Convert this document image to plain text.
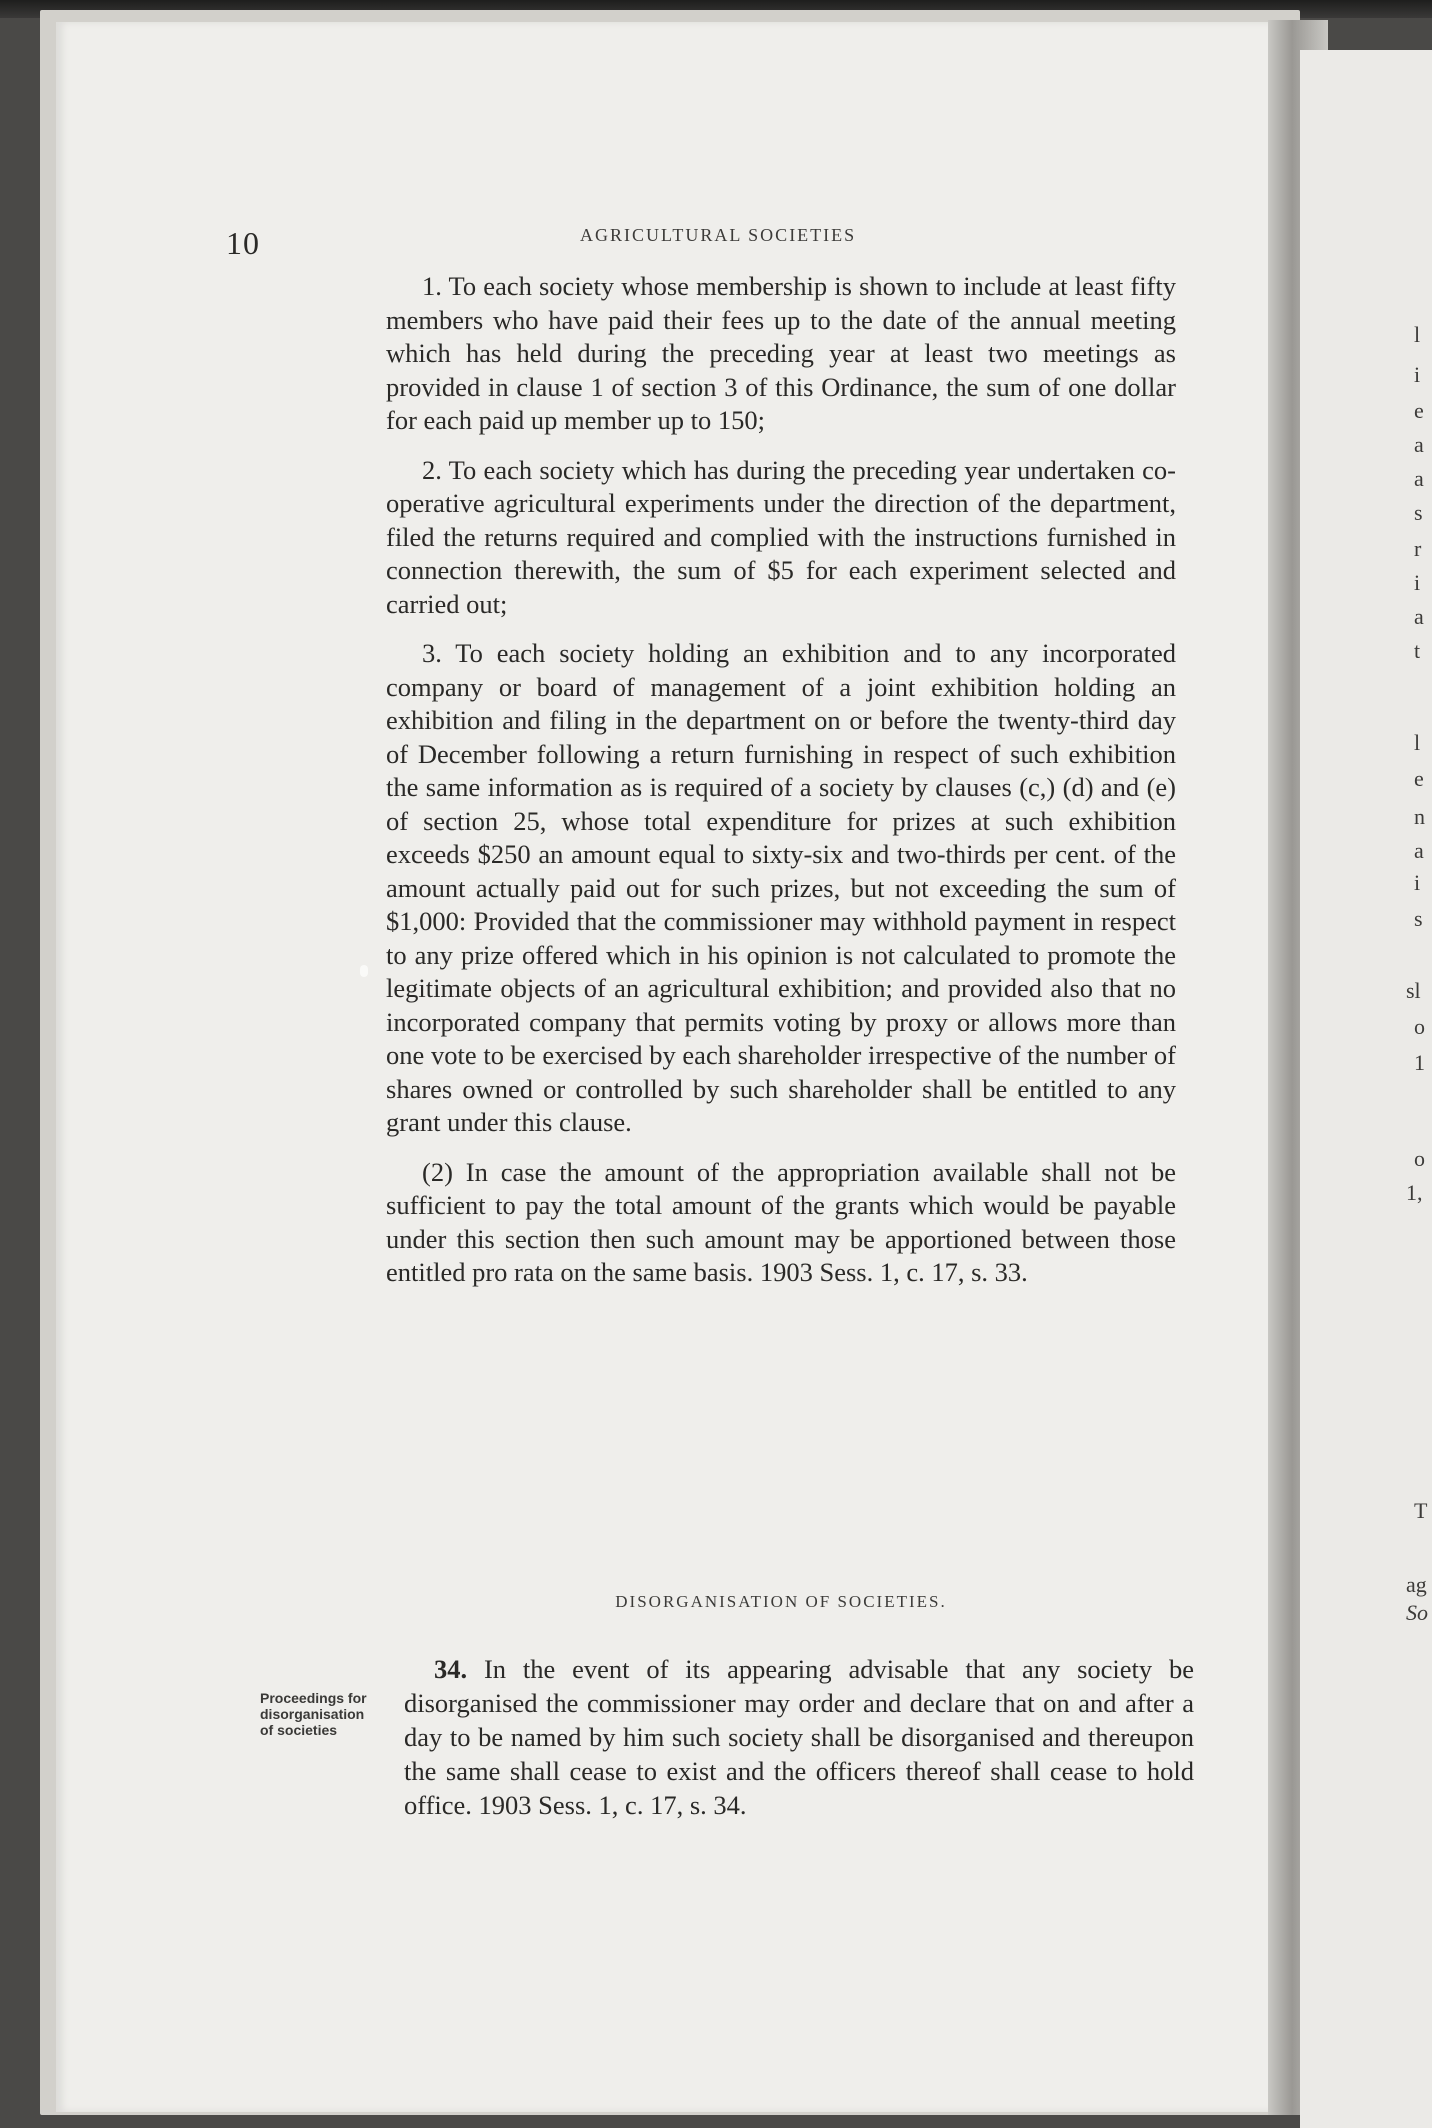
10	AGRICULTURAL SOCIETIES

1. To each society whose membership is shown to include at least fifty members who have paid their fees up to the date of the annual meeting which has held during the preceding year at least two meetings as provided in clause 1 of section 3 of this Ordinance, the sum of one dollar for each paid up member up to 150;

2. To each society which has during the preceding year undertaken co-operative agricultural experiments under the direction of the department, filed the returns required and complied with the instructions furnished in connection therewith, the sum of $5 for each experiment selected and carried out;

3. To each society holding an exhibition and to any incorporated company or board of management of a joint exhibition holding an exhibition and filing in the department on or before the twenty-third day of December following a return furnishing in respect of such exhibition the same information as is required of a society by clauses (c,) (d) and (e) of section 25, whose total expenditure for prizes at such exhibition exceeds $250 an amount equal to sixty-six and two-thirds per cent. of the amount actually paid out for such prizes, but not exceeding the sum of $1,000: Provided that the commissioner may withhold payment in respect to any prize offered which in his opinion is not calculated to promote the legitimate objects of an agricultural exhibition; and provided also that no incorporated company that permits voting by proxy or allows more than one vote to be exercised by each shareholder irrespective of the number of shares owned or controlled by such shareholder shall be entitled to any grant under this clause.

(2) In case the amount of the appropriation available shall not be sufficient to pay the total amount of the grants which would be payable under this section then such amount may be apportioned between those entitled pro rata on the same basis. 1903 Sess. 1, c. 17, s. 33.

DISORGANISATION OF SOCIETIES.
Proceedings for disorganisation of societies
34. In the event of its appearing advisable that any society be disorganised the commissioner may order and declare that on and after a day to be named by him such society shall be disorganised and thereupon the same shall cease to exist and the officers thereof shall cease to hold office. 1903 Sess. 1, c. 17, s. 34.
l
i
e
a
a
s
r
i
a
t
l
e
n
a
i
s
sl
o
1
o
1,
T
ag
So
